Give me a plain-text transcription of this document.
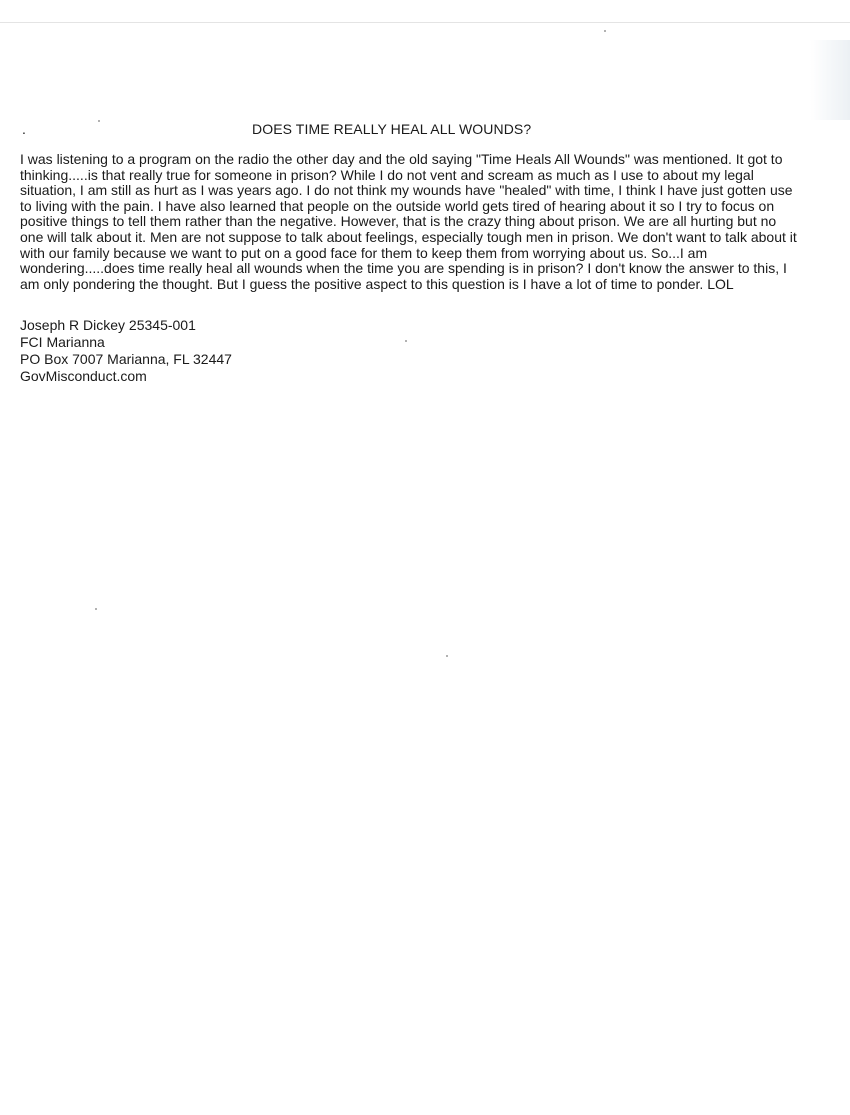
.	DOES TIME REALLY HEAL ALL WOUNDS?
I was listening to a program on the radio the other day and the old saying "Time Heals All Wounds" was mentioned. It got to
thinking.....is that really true for someone in prison? While I do not vent and scream as much as I use to about my legal
situation, I am still as hurt as I was years ago. I do not think my wounds have "healed" with time, I think I have just gotten use
to living with the pain. I have also learned that people on the outside world gets tired of hearing about it so I try to focus on
positive things to tell them rather than the negative. However, that is the crazy thing about prison. We are all hurting but no
one will talk about it. Men are not suppose to talk about feelings, especially tough men in prison. We don't want to talk about it
with our family because we want to put on a good face for them to keep them from worrying about us. So...I am
wondering.....does time really heal all wounds when the time you are spending is in prison? I don't know the answer to this, I
am only pondering the thought. But I guess the positive aspect to this question is I have a lot of time to ponder. LOL
Joseph R Dickey 25345-001
FCI Marianna
PO Box 7007 Marianna, FL 32447
GovMisconduct.com
